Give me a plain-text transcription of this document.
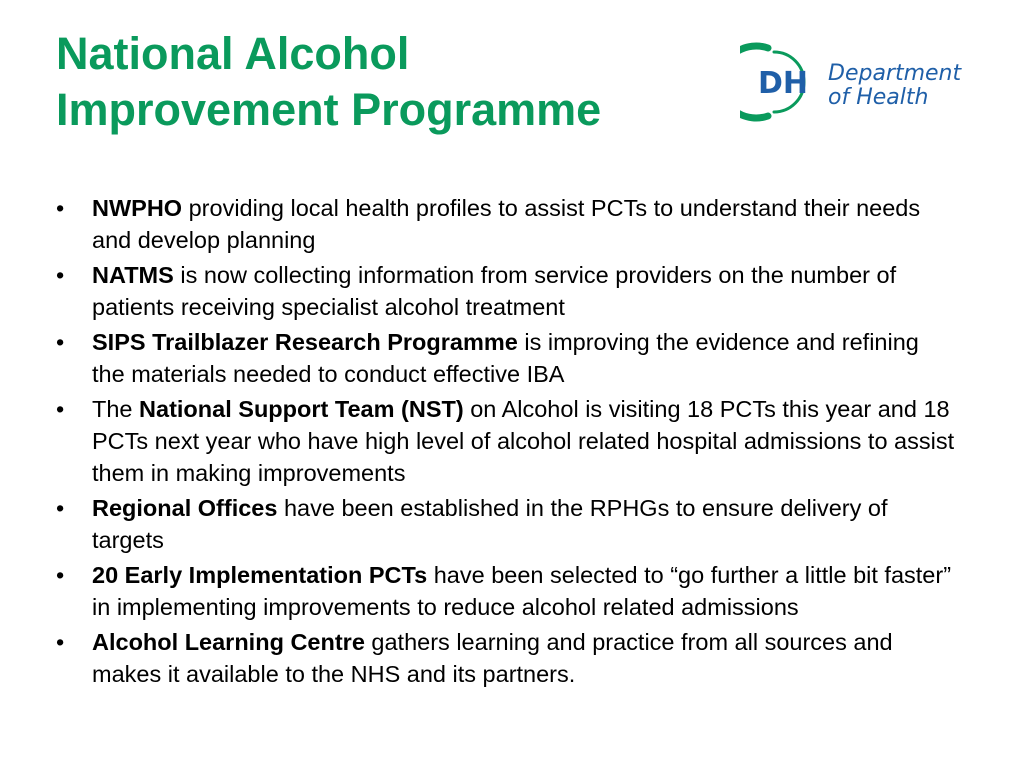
National Alcohol
Improvement Programme
DH Department
of Health
• NWPHO providing local health profiles to assist PCTs to understand their needs and develop planning
• NATMS is now collecting information from service providers on the number of patients receiving specialist alcohol treatment
• SIPS Trailblazer Research Programme is improving the evidence and refining the materials needed to conduct effective IBA
• The National Support Team (NST) on Alcohol is visiting 18 PCTs this year and 18 PCTs next year who have high level of alcohol related hospital admissions to assist them in making improvements
• Regional Offices have been established in the RPHGs to ensure delivery of targets
• 20 Early Implementation PCTs have been selected to “go further a little bit faster” in implementing improvements to reduce alcohol related admissions
• Alcohol Learning Centre gathers learning and practice from all sources and makes it available to the NHS and its partners.
